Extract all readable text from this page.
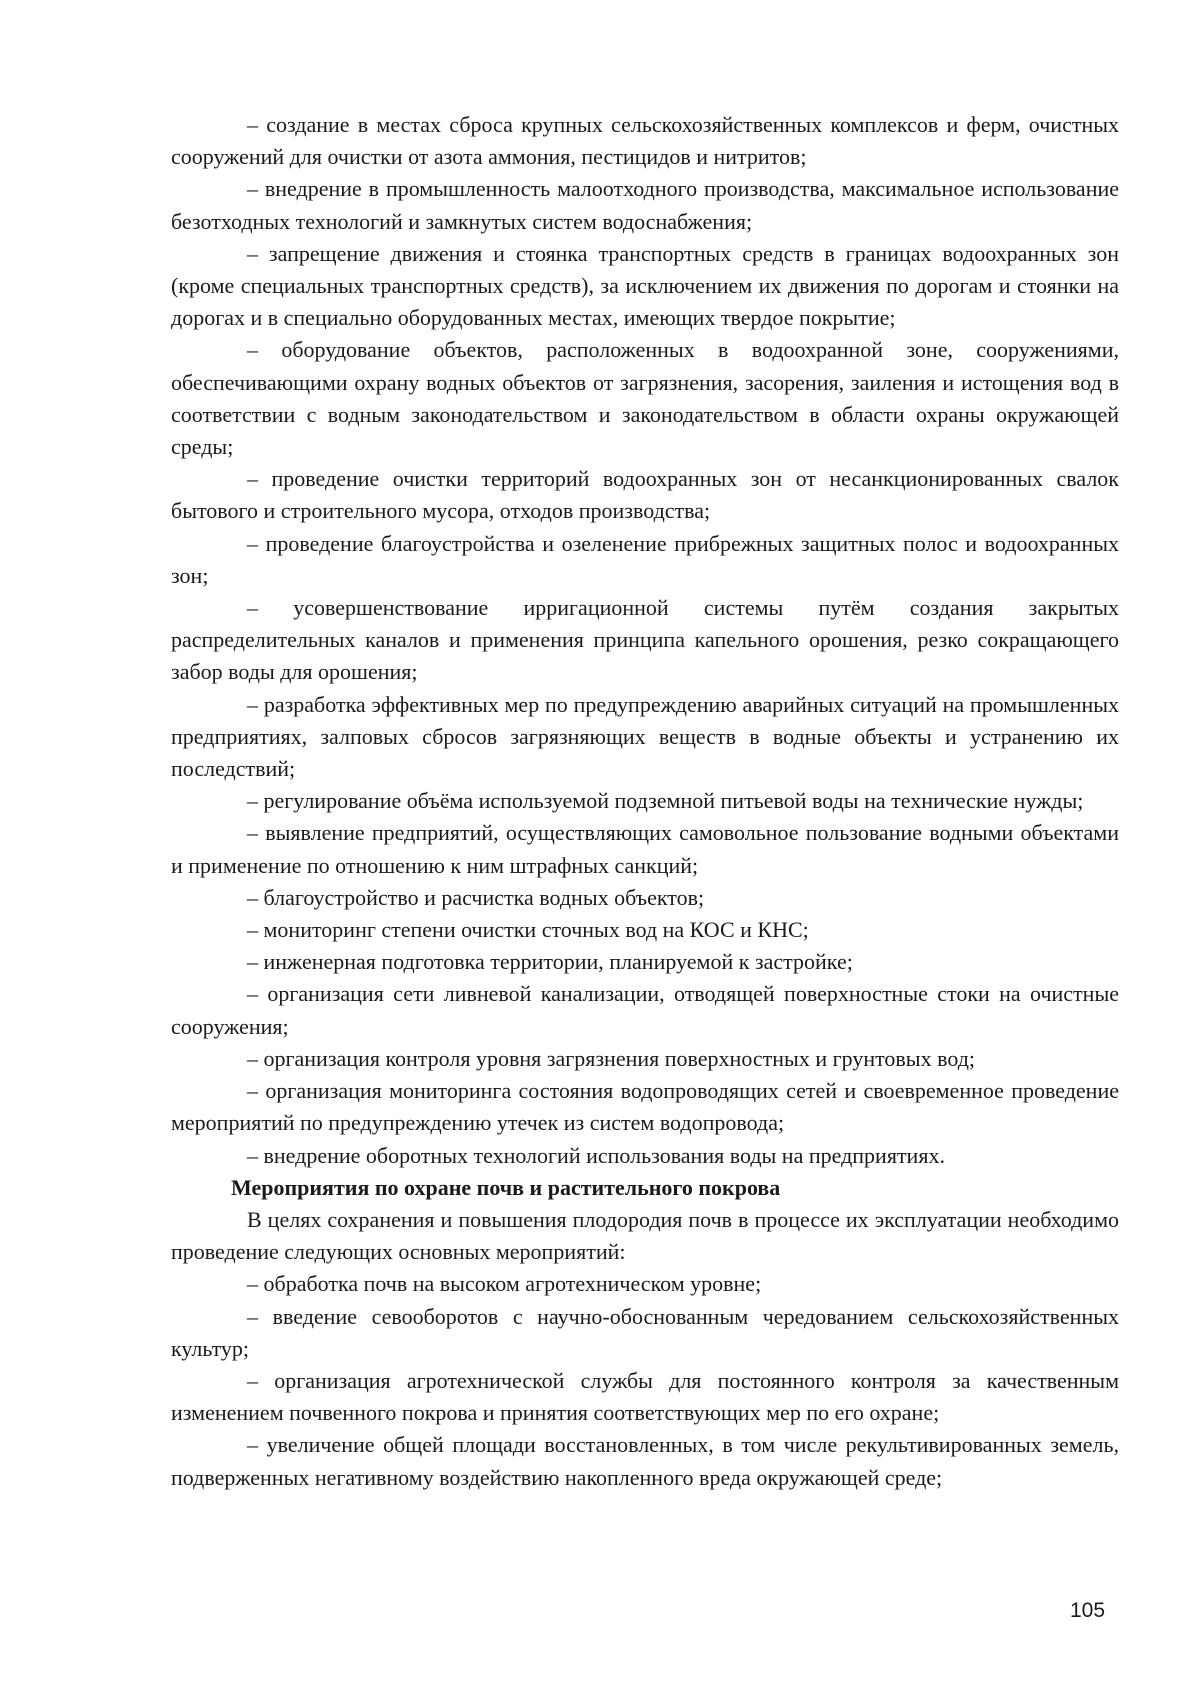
– создание в местах сброса крупных сельскохозяйственных комплексов и ферм, очистных сооружений для очистки от азота аммония, пестицидов и нитритов;

– внедрение в промышленность малоотходного производства, максимальное использование безотходных технологий и замкнутых систем водоснабжения;

– запрещение движения и стоянка транспортных средств в границах водоохранных зон (кроме специальных транспортных средств), за исключением их движения по дорогам и стоянки на дорогах и в специально оборудованных местах, имеющих твердое покрытие;

– оборудование объектов, расположенных в водоохранной зоне, сооружениями, обеспечивающими охрану водных объектов от загрязнения, засорения, заиления и истощения вод в соответствии с водным законодательством и законодательством в области охраны окружающей среды;

– проведение очистки территорий водоохранных зон от несанкционированных свалок бытового и строительного мусора, отходов производства;

– проведение благоустройства и озеленение прибрежных защитных полос и водоохранных зон;

– усовершенствование ирригационной системы путём создания закрытых распределительных каналов и применения принципа капельного орошения, резко сокращающего забор воды для орошения;

– разработка эффективных мер по предупреждению аварийных ситуаций на промышленных предприятиях, залповых сбросов загрязняющих веществ в водные объекты и устранению их последствий;

– регулирование объёма используемой подземной питьевой воды на технические нужды;

– выявление предприятий, осуществляющих самовольное пользование водными объектами и применение по отношению к ним штрафных санкций;

– благоустройство и расчистка водных объектов;

– мониторинг степени очистки сточных вод на КОС и КНС;

– инженерная подготовка территории, планируемой к застройке;

– организация сети ливневой канализации, отводящей поверхностные стоки на очистные сооружения;

– организация контроля уровня загрязнения поверхностных и грунтовых вод;

– организация мониторинга состояния водопроводящих сетей и своевременное проведение мероприятий по предупреждению утечек из систем водопровода;

– внедрение оборотных технологий использования воды на предприятиях.

Мероприятия по охране почв и растительного покрова

В целях сохранения и повышения плодородия почв в процессе их эксплуатации необходимо проведение следующих основных мероприятий:

– обработка почв на высоком агротехническом уровне;

– введение севооборотов с научно-обоснованным чередованием сельскохозяйственных культур;

– организация агротехнической службы для постоянного контроля за качественным изменением почвенного покрова и принятия соответствующих мер по его охране;

– увеличение общей площади восстановленных, в том числе рекультивированных земель, подверженных негативному воздействию накопленного вреда окружающей среде;

105
